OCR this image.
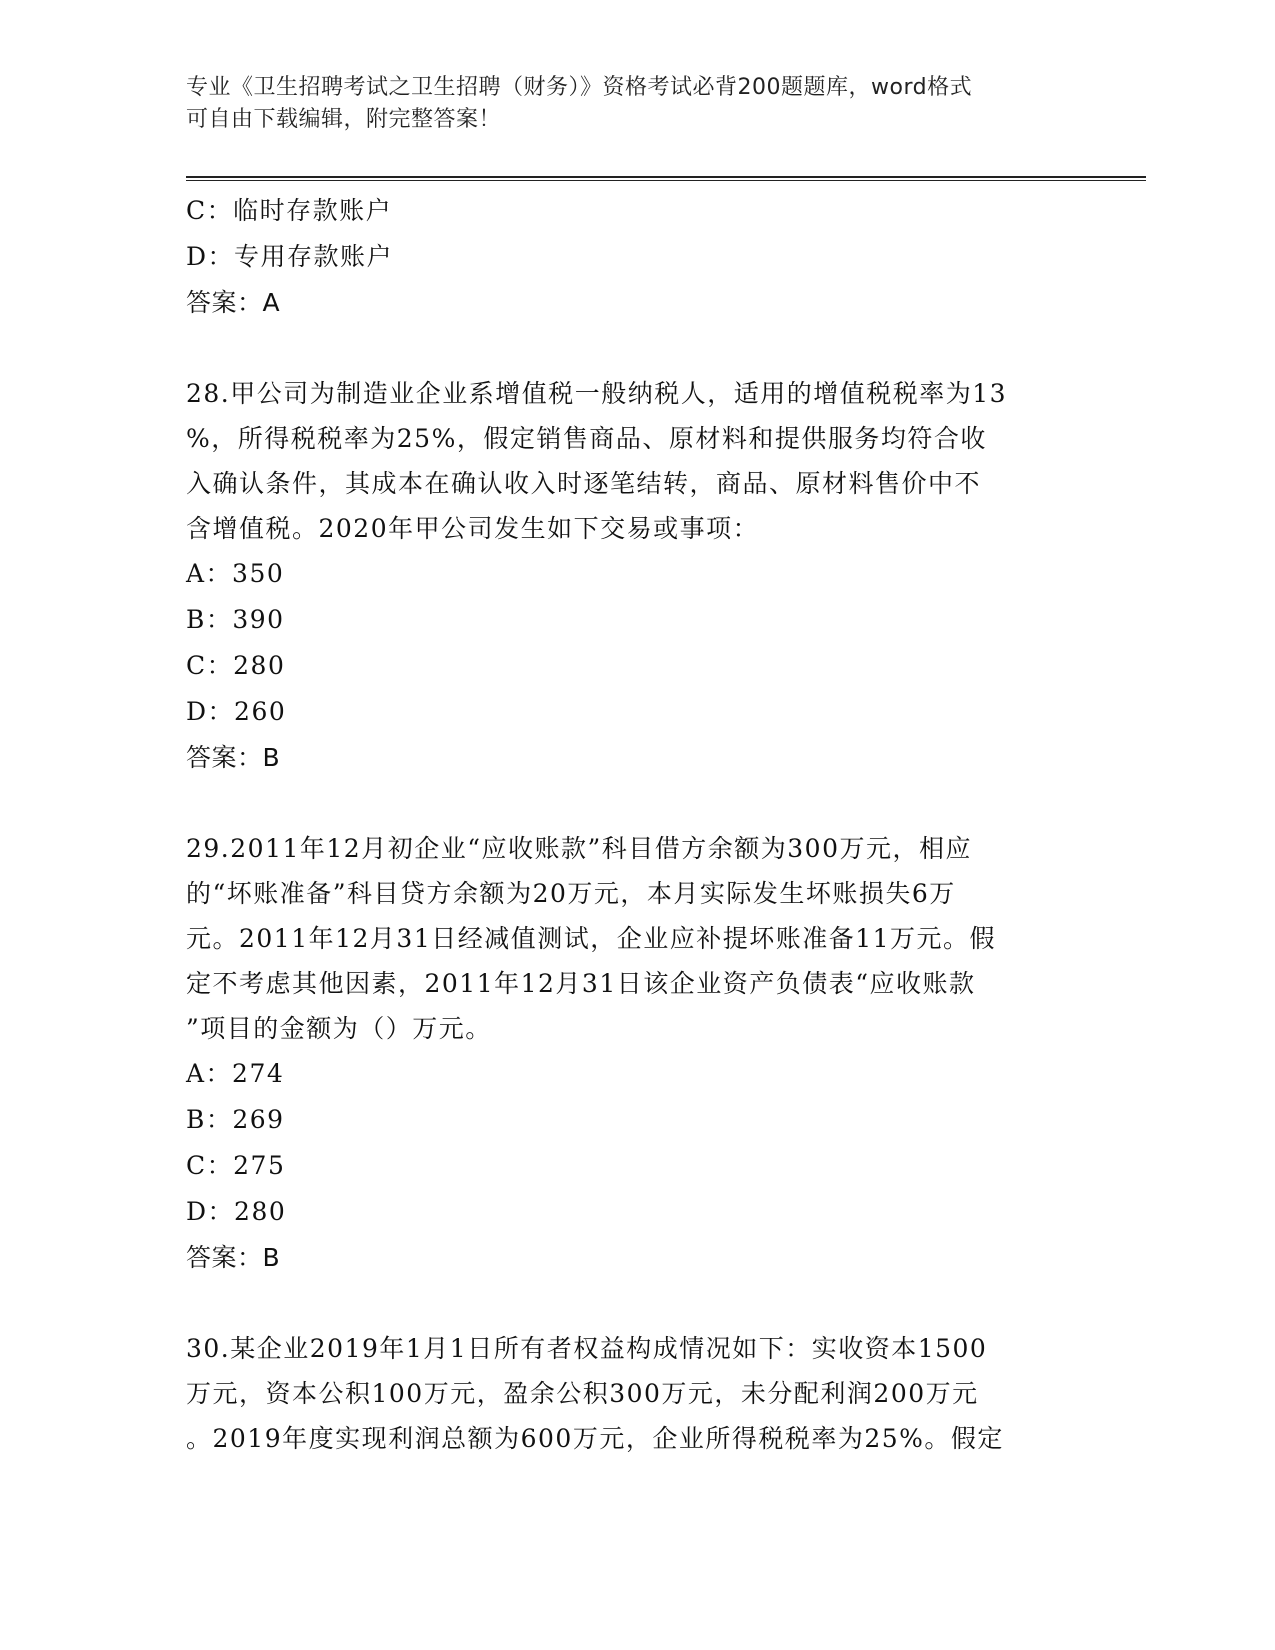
专业《卫生招聘考试之卫生招聘（财务）》资格考试必背200题题库，word格式
可自由下载编辑，附完整答案！
C：临时存款账户
D：专用存款账户
答案：A
28.甲公司为制造业企业系增值税一般纳税人，适用的增值税税率为13
%，所得税税率为25%，假定销售商品、原材料和提供服务均符合收
入确认条件，其成本在确认收入时逐笔结转，商品、原材料售价中不
含增值税。2020年甲公司发生如下交易或事项：
A：350
B：390
C：280
D：260
答案：B
29.2011年12月初企业“应收账款”科目借方余额为300万元，相应
的“坏账准备”科目贷方余额为20万元，本月实际发生坏账损失6万
元。2011年12月31日经减值测试，企业应补提坏账准备11万元。假
定不考虑其他因素，2011年12月31日该企业资产负债表“应收账款
”项目的金额为（）万元。
A：274
B：269
C：275
D：280
答案：B
30.某企业2019年1月1日所有者权益构成情况如下：实收资本1500
万元，资本公积100万元，盈余公积300万元，未分配利润200万元
。2019年度实现利润总额为600万元，企业所得税税率为25%。假定
